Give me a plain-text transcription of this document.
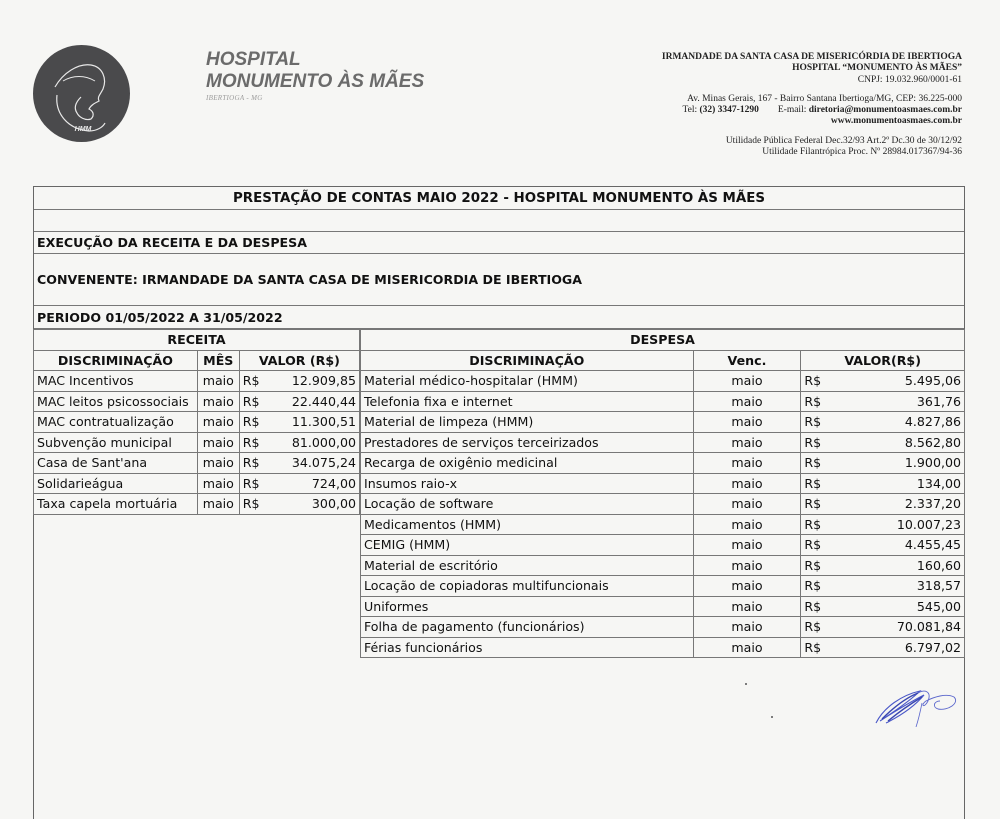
HMM
HOSPITAL
MONUMENTO ÀS MÃES
IBERTIOGA - MG
IRMANDADE DA SANTA CASA DE MISERICÓRDIA DE IBERTIOGA
HOSPITAL “MONUMENTO ÀS MÃES”
CNPJ: 19.032.960/0001-61
Av. Minas Gerais, 167 - Bairro Santana Ibertioga/MG, CEP: 36.225-000
Tel: (32) 3347-1290 E-mail: diretoria@monumentoasmaes.com.br
www.monumentoasmaes.com.br
Utilidade Pública Federal Dec.32/93 Art.2º Dc.30 de 30/12/92
Utilidade Filantrópica Proc. Nº 28984.017367/94-36
PRESTAÇÃO DE CONTAS MAIO 2022 - HOSPITAL MONUMENTO ÀS MÃES
EXECUÇÃO DA RECEITA E DA DESPESA
CONVENENTE: IRMANDADE DA SANTA CASA DE MISERICORDIA DE IBERTIOGA
PERIODO 01/05/2022 A 31/05/2022
RECEITA			
DISCRIMINAÇÃO	MÊS	VALOR (R$)	
MAC Incentivos	maio	R$	12.909,85
MAC leitos psicossociais	maio	R$	22.440,44
MAC contratualização	maio	R$	11.300,51
Subvenção municipal	maio	R$	81.000,00
Casa de Sant'ana	maio	R$	34.075,24
Solidarieágua	maio	R$	724,00
Taxa capela mortuária	maio	R$	300,00
DESPESA			
DISCRIMINAÇÃO	Venc.	VALOR(R$)	
Material médico-hospitalar (HMM)	maio	R$	5.495,06
Telefonia fixa e internet	maio	R$	361,76
Material de limpeza (HMM)	maio	R$	4.827,86
Prestadores de serviços terceirizados	maio	R$	8.562,80
Recarga de oxigênio medicinal	maio	R$	1.900,00
Insumos raio-x	maio	R$	134,00
Locação de software	maio	R$	2.337,20
Medicamentos (HMM)	maio	R$	10.007,23
CEMIG (HMM)	maio	R$	4.455,45
Material de escritório	maio	R$	160,60
Locação de copiadoras multifuncionais	maio	R$	318,57
Uniformes	maio	R$	545,00
Folha de pagamento (funcionários)	maio	R$	70.081,84
Férias funcionários	maio	R$	6.797,02
